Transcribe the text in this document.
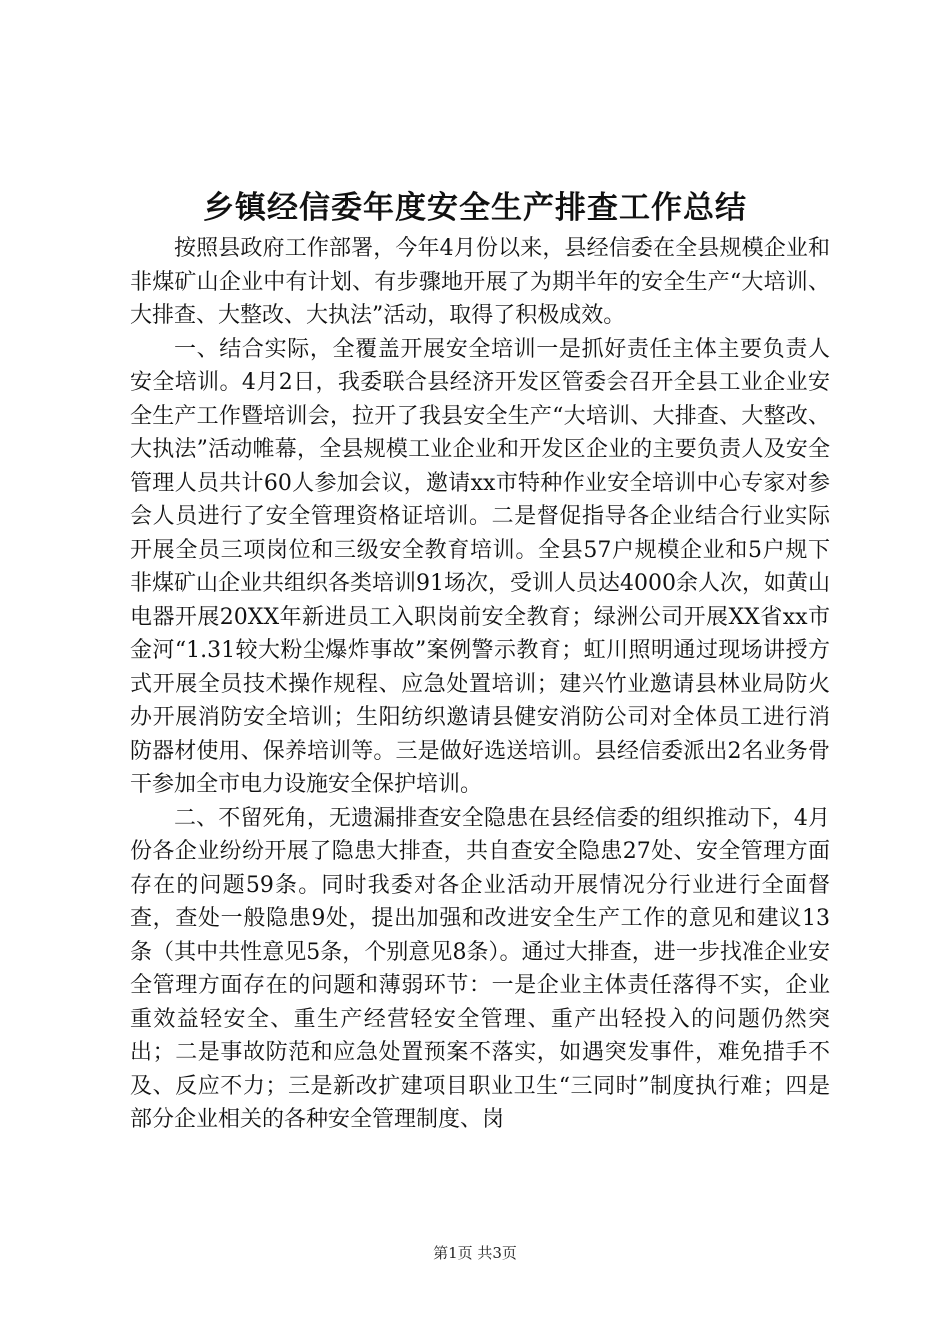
乡镇经信委年度安全生产排查工作总结

按照县政府工作部署，今年4月份以来，县经信委在全县规模企业和非煤矿山企业中有计划、有步骤地开展了为期半年的安全生产“大培训、大排查、大整改、大执法”活动，取得了积极成效。

一、结合实际，全覆盖开展安全培训一是抓好责任主体主要负责人安全培训。4月2日，我委联合县经济开发区管委会召开全县工业企业安全生产工作暨培训会，拉开了我县安全生产“大培训、大排查、大整改、大执法”活动帷幕，全县规模工业企业和开发区企业的主要负责人及安全管理人员共计60人参加会议，邀请xx市特种作业安全培训中心专家对参会人员进行了安全管理资格证培训。二是督促指导各企业结合行业实际开展全员三项岗位和三级安全教育培训。全县57户规模企业和5户规下非煤矿山企业共组织各类培训91场次，受训人员达4000余人次，如黄山电器开展20XX年新进员工入职岗前安全教育；绿洲公司开展XX省xx市金河“1.31较大粉尘爆炸事故”案例警示教育；虹川照明通过现场讲授方式开展全员技术操作规程、应急处置培训；建兴竹业邀请县林业局防火办开展消防安全培训；生阳纺织邀请县健安消防公司对全体员工进行消防器材使用、保养培训等。三是做好选送培训。县经信委派出2名业务骨干参加全市电力设施安全保护培训。

二、不留死角，无遗漏排查安全隐患在县经信委的组织推动下，4月份各企业纷纷开展了隐患大排查，共自查安全隐患27处、安全管理方面存在的问题59条。同时我委对各企业活动开展情况分行业进行全面督查，查处一般隐患9处，提出加强和改进安全生产工作的意见和建议13条（其中共性意见5条，个别意见8条）。通过大排查，进一步找准企业安全管理方面存在的问题和薄弱环节：一是企业主体责任落得不实，企业重效益轻安全、重生产经营轻安全管理、重产出轻投入的问题仍然突出；二是事故防范和应急处置预案不落实，如遇突发事件，难免措手不及、反应不力；三是新改扩建项目职业卫生“三同时”制度执行难；四是部分企业相关的各种安全管理制度、岗

第1页 共3页
